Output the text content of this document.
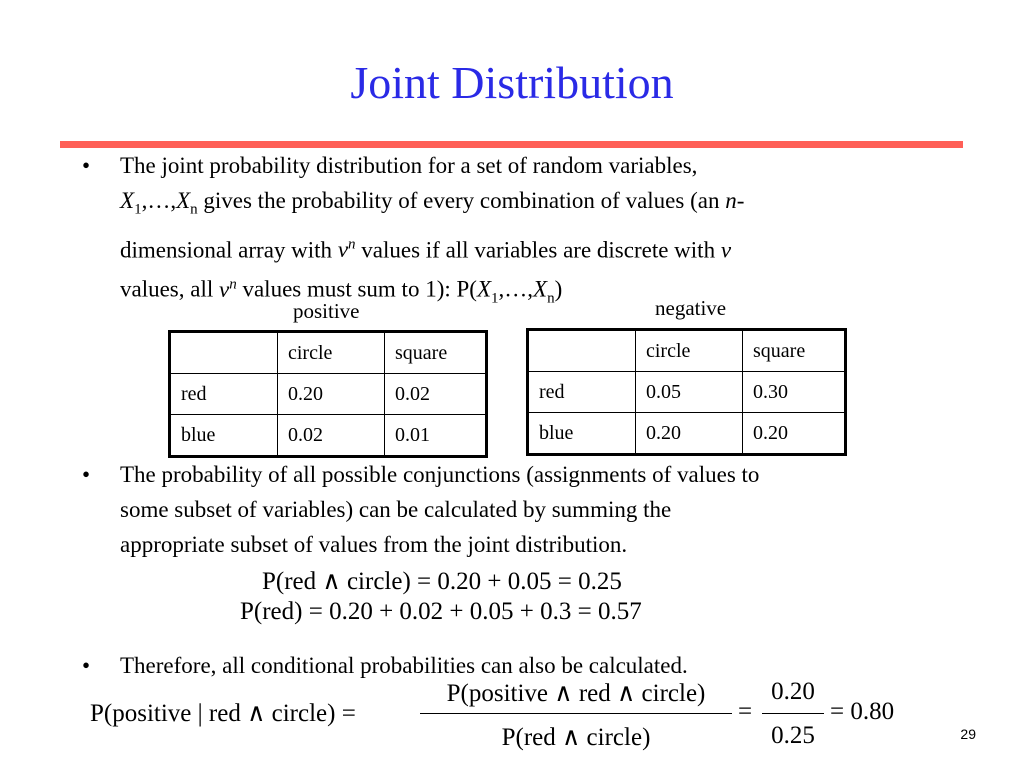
Joint Distribution
• The joint probability distribution for a set of random variables,
$X_1,\dots,X_n$ gives the probability of every combination of values (an n-
dimensional array with $v^n$ values if all variables are discrete with v
values, all $v^n$ values must sum to 1): $P(X_1,\dots,X_n)$
positive	negative
	circle	square
red	0.20	0.02
blue	0.02	0.01
	circle	square
red	0.05	0.30
blue	0.20	0.20
• The probability of all possible conjunctions (assignments of values to
some subset of variables) can be calculated by summing the
appropriate subset of values from the joint distribution.
P(red ∧ circle) = 0.20 + 0.05 = 0.25
P(red) = 0.20 + 0.02 + 0.05 + 0.3 = 0.57
• Therefore, all conditional probabilities can also be calculated.
P(positive | red ∧ circle) =
P(positive ∧ red ∧ circle)
P(red ∧ circle)
=
0.20
0.25
= 0.80
29
